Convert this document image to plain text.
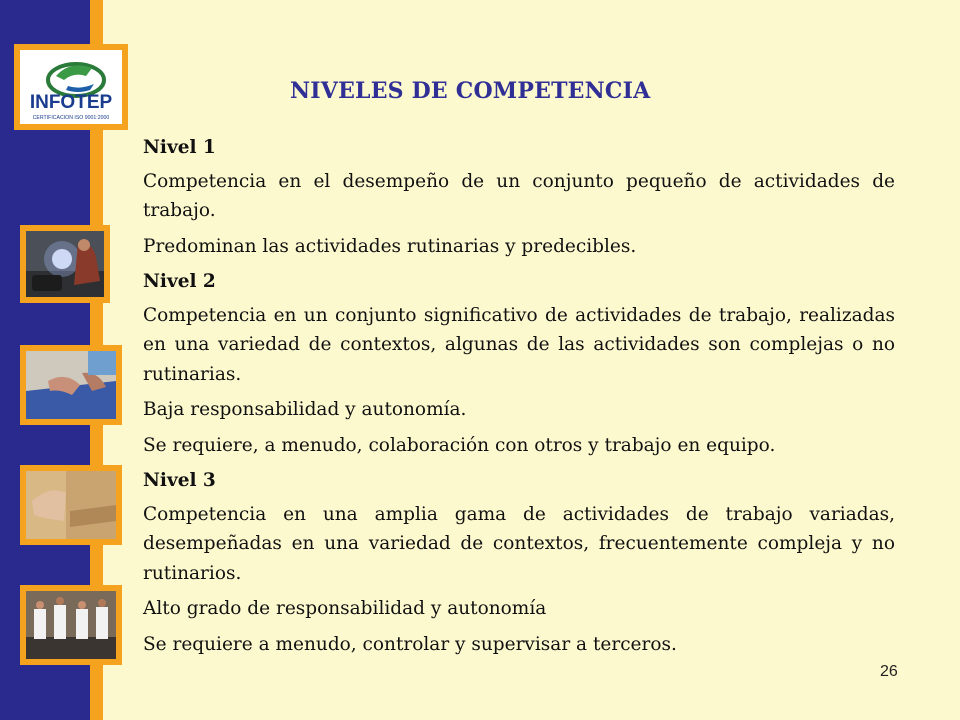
INFOTEP
CERTIFICACION ISO 9001:2000
NIVELES DE COMPETENCIA

Nivel 1

Competencia en el desempeño de un conjunto pequeño de actividades de trabajo.

Predominan las actividades rutinarias y predecibles.

Nivel 2

Competencia en un conjunto significativo de actividades de trabajo, realizadas en una variedad de contextos, algunas de las actividades son complejas o no rutinarias.

Baja responsabilidad y autonomía.

Se requiere, a menudo, colaboración con otros y trabajo en equipo.

Nivel 3

Competencia en una amplia gama de actividades de trabajo variadas, desempeñadas en una variedad de contextos, frecuentemente compleja y no rutinarios.

Alto grado de responsabilidad y autonomía

Se requiere a menudo, controlar y supervisar a terceros.

26
